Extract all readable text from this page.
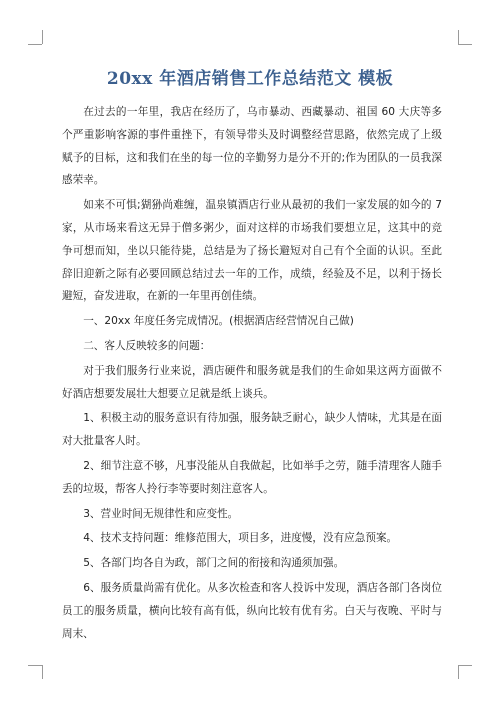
20xx 年酒店销售工作总结范文 模板

在过去的一年里，我店在经历了，乌市暴动、西藏暴动、祖国 60 大庆等多个严重影响客源的事件重挫下，有领导带头及时调整经营思路，依然完成了上级赋予的目标，这和我们在坐的每一位的辛勤努力是分不开的;作为团队的一员我深感荣幸。

如来不可惧;猢狲尚难缠，温泉镇酒店行业从最初的我们一家发展的如今的 7 家，从市场来看这无异于僧多粥少，面对这样的市场我们要想立足，这其中的竞争可想而知，坐以只能待毙，总结是为了扬长避短对自己有个全面的认识。至此辞旧迎新之际有必要回顾总结过去一年的工作，成绩，经验及不足，以利于扬长避短，奋发进取，在新的一年里再创佳绩。

一、20xx 年度任务完成情况。(根据酒店经营情况自己做)

二、客人反映较多的问题：

对于我们服务行业来说，酒店硬件和服务就是我们的生命如果这两方面做不好酒店想要发展壮大想要立足就是纸上谈兵。

1、积极主动的服务意识有待加强，服务缺乏耐心，缺少人情味，尤其是在面对大批量客人时。

2、细节注意不够，凡事没能从自我做起，比如举手之劳，随手清理客人随手丢的垃圾，帮客人拎行李等要时刻注意客人。

3、营业时间无规律性和应变性。

4、技术支持问题：维修范围大，项目多，进度慢，没有应急预案。

5、各部门均各自为政，部门之间的衔接和沟通须加强。

6、服务质量尚需有优化。从多次检查和客人投诉中发现，酒店各部门各岗位员工的服务质量，横向比较有高有低，纵向比较有优有劣。白天与夜晚、平时与周末、
